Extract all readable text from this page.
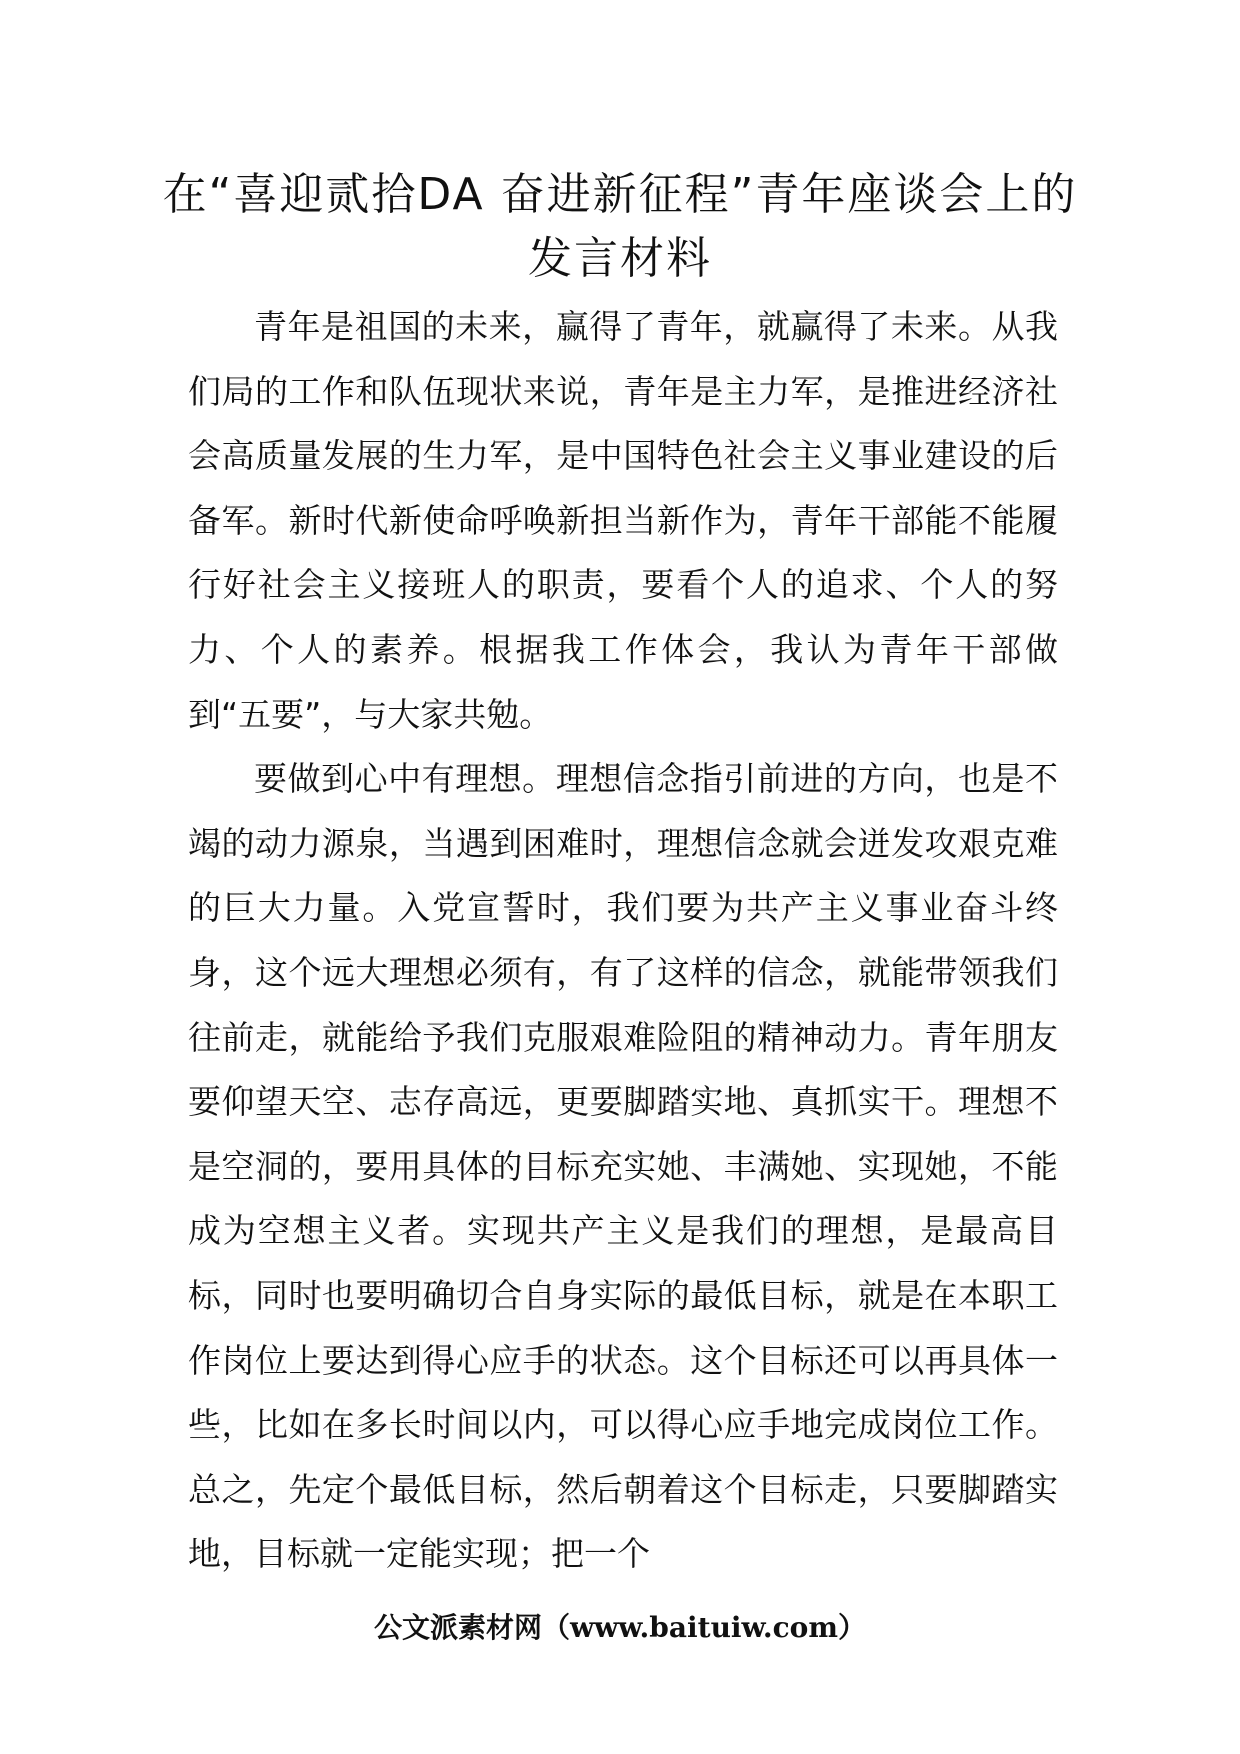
在“喜迎贰拾DA 奋进新征程”青年座谈会上的发言材料

青年是祖国的未来，赢得了青年，就赢得了未来。从我们局的工作和队伍现状来说，青年是主力军，是推进经济社会高质量发展的生力军，是中国特色社会主义事业建设的后备军。新时代新使命呼唤新担当新作为，青年干部能不能履行好社会主义接班人的职责，要看个人的追求、个人的努力、个人的素养。根据我工作体会，我认为青年干部做到“五要”，与大家共勉。

要做到心中有理想。理想信念指引前进的方向，也是不竭的动力源泉，当遇到困难时，理想信念就会迸发攻艰克难的巨大力量。入党宣誓时，我们要为共产主义事业奋斗终身，这个远大理想必须有，有了这样的信念，就能带领我们往前走，就能给予我们克服艰难险阻的精神动力。青年朋友要仰望天空、志存高远，更要脚踏实地、真抓实干。理想不是空洞的，要用具体的目标充实她、丰满她、实现她，不能成为空想主义者。实现共产主义是我们的理想，是最高目标，同时也要明确切合自身实际的最低目标，就是在本职工作岗位上要达到得心应手的状态。这个目标还可以再具体一些，比如在多长时间以内，可以得心应手地完成岗位工作。总之，先定个最低目标，然后朝着这个目标走，只要脚踏实地，目标就一定能实现；把一个

公文派素材网（www.baituiw.com）
